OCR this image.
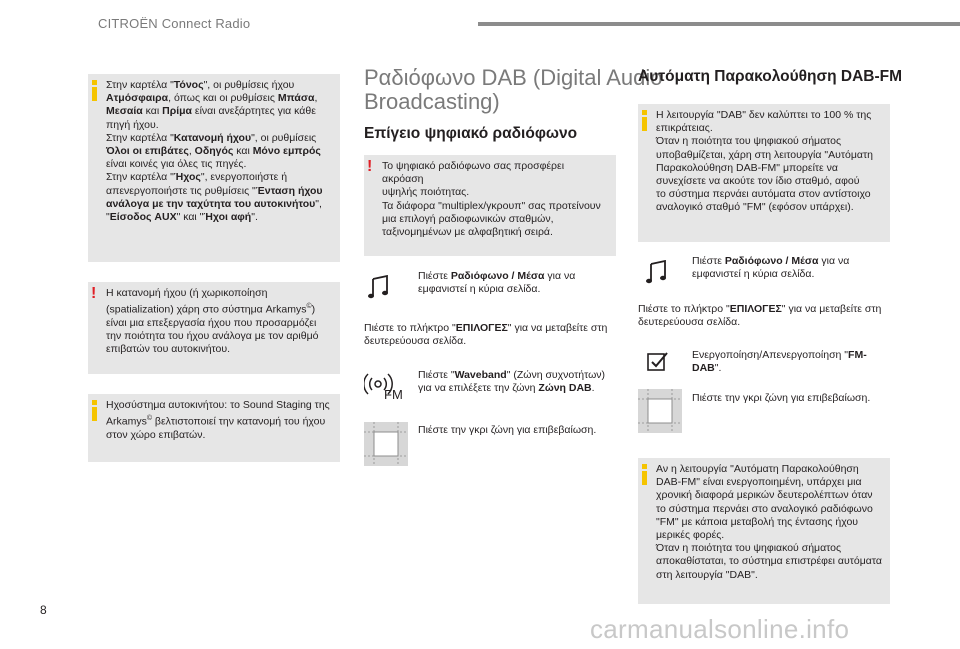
CITROËN Connect Radio
Στην καρτέλα "Τόνος", οι ρυθμίσεις ήχου
Ατμόσφαιρα, όπως και οι ρυθμίσεις Μπάσα,
Μεσαία και Πρίμα είναι ανεξάρτητες για κάθε
πηγή ήχου.
Στην καρτέλα "Κατανομή ήχου", οι ρυθμίσεις
Όλοι οι επιβάτες, Οδηγός και Μόνο εμπρός
είναι κοινές για όλες τις πηγές.
Στην καρτέλα "Ήχος", ενεργοποιήστε ή
απενεργοποιήστε τις ρυθμίσεις "Ένταση ήχου
ανάλογα με την ταχύτητα του αυτοκινήτου",
"Είσοδος AUX" και "Ήχοι αφή".
! Η κατανομή ήχου (ή χωρικοποίηση
(spatialization) χάρη στο σύστημα Arkamys©)
είναι μια επεξεργασία ήχου που προσαρμόζει
την ποιότητα του ήχου ανάλογα με τον αριθμό
επιβατών του αυτοκινήτου.
Ηχοσύστημα αυτοκινήτου: το Sound Staging της
Arkamys© βελτιστοποιεί την κατανομή του ήχου
στον χώρο επιβατών.
Ραδιόφωνο DAB (Digital Audio
Broadcasting)
Επίγειο ψηφιακό ραδιόφωνο
! Το ψηφιακό ραδιόφωνο σας προσφέρει ακρόαση
υψηλής ποιότητας.
Τα διάφορα "multiplex/γκρουπ" σας προτείνουν
μια επιλογή ραδιοφωνικών σταθμών,
ταξινομημένων με αλφαβητική σειρά.
Πιέστε Ραδιόφωνο / Μέσα για να
εμφανιστεί η κύρια σελίδα.
Πιέστε το πλήκτρο "ΕΠΙΛΟΓΕΣ" για να μεταβείτε στη
δευτερεύουσα σελίδα.
FM
Πιέστε "Waveband" (Ζώνη συχνοτήτων)
για να επιλέξετε την ζώνη Ζώνη DAB.
Πιέστε την γκρι ζώνη για επιβεβαίωση.
Αυτόματη Παρακολούθηση DAB-FM
Η λειτουργία "DAB" δεν καλύπτει το 100 % της
επικράτειας.
Όταν η ποιότητα του ψηφιακού σήματος
υποβαθμίζεται, χάρη στη λειτουργία "Αυτόματη
Παρακολούθηση DAB-FM" μπορείτε να
συνεχίσετε να ακούτε τον ίδιο σταθμό, αφού
το σύστημα περνάει αυτόματα στον αντίστοιχο
αναλογικό σταθμό "FM" (εφόσον υπάρχει).
Πιέστε Ραδιόφωνο / Μέσα για να
εμφανιστεί η κύρια σελίδα.
Πιέστε το πλήκτρο "ΕΠΙΛΟΓΕΣ" για να μεταβείτε στη
δευτερεύουσα σελίδα.
Ενεργοποίηση/Απενεργοποίηση "FM-
DAB".
Πιέστε την γκρι ζώνη για επιβεβαίωση.
Αν η λειτουργία "Αυτόματη Παρακολούθηση
DAB-FM" είναι ενεργοποιημένη, υπάρχει μια
χρονική διαφορά μερικών δευτερολέπτων όταν
το σύστημα περνάει στο αναλογικό ραδιόφωνο
"FM" με κάποια μεταβολή της έντασης ήχου
μερικές φορές.
Όταν η ποιότητα του ψηφιακού σήματος
αποκαθίσταται, το σύστημα επιστρέφει αυτόματα
στη λειτουργία "DAB".
8
carmanualsonline.info
